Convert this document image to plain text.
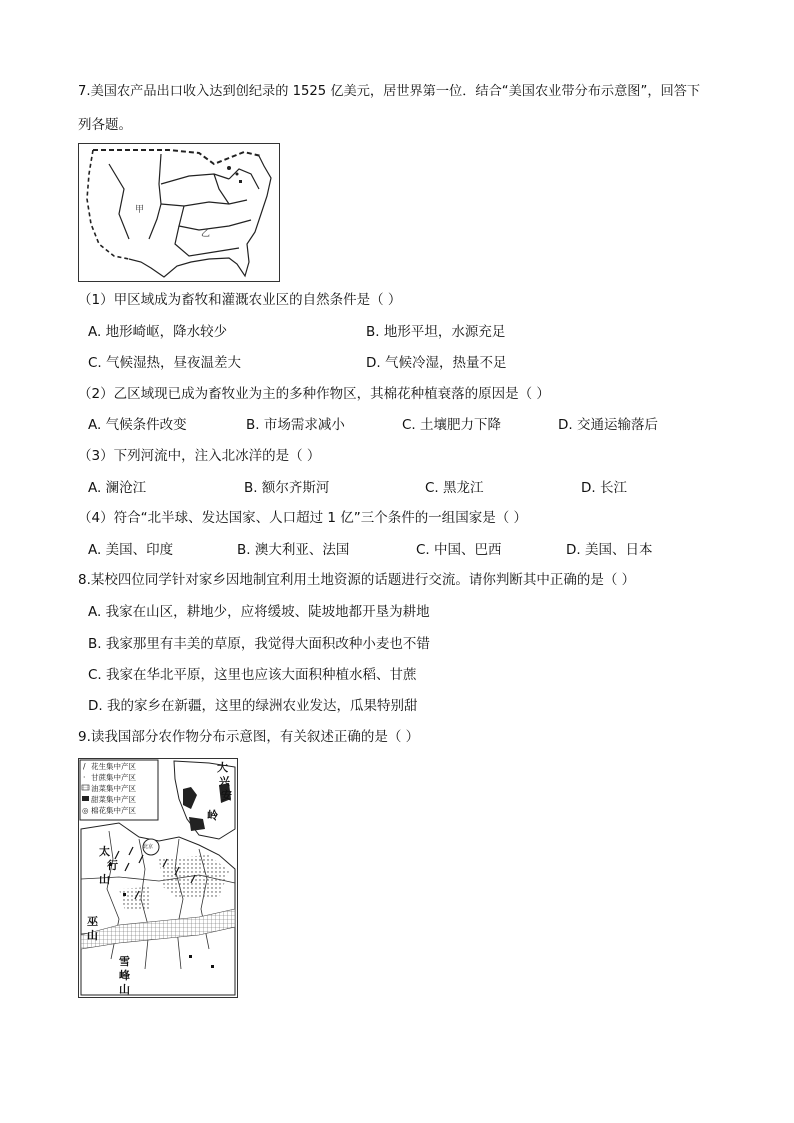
7.美国农产品出口收入达到创纪录的 1525 亿美元，居世界第一位．结合“美国农业带分布示意图”，回答下
列各题。
甲
乙
（1）甲区域成为畜牧和灌溉农业区的自然条件是（ ）
A. 地形崎岖，降水较少	B. 地形平坦，水源充足
C. 气候湿热，昼夜温差大	D. 气候冷湿，热量不足
（2）乙区域现已成为畜牧业为主的多种作物区，其棉花种植衰落的原因是（ ）
A. 气候条件改变	B. 市场需求减小	C. 土壤肥力下降	D. 交通运输落后
（3）下列河流中，注入北冰洋的是（ ）
A. 澜沧江	B. 额尔齐斯河	C. 黑龙江	D. 长江
（4）符合“北半球、发达国家、人口超过 1 亿”三个条件的一组国家是（ ）
A. 美国、印度	B. 澳大利亚、法国	C. 中国、巴西	D. 美国、日本
8.某校四位同学针对家乡因地制宜利用土地资源的话题进行交流。请你判断其中正确的是（ ）
A. 我家在山区，耕地少，应将缓坡、陡坡地都开垦为耕地
B. 我家那里有丰美的草原，我觉得大面积改种小麦也不错
C. 我家在华北平原，这里也应该大面积种植水稻、甘蔗
D. 我的家乡在新疆，这里的绿洲农业发达，瓜果特别甜
9.读我国部分农作物分布示意图，有关叙述正确的是（ ）
/ 花生集中产区
· 甘蔗集中产区
油菜集中产区
甜菜集中产区
◎ 棉花集中产区
大
兴
安
岭
太
行
山
巫
山
雪
峰
山
北京
